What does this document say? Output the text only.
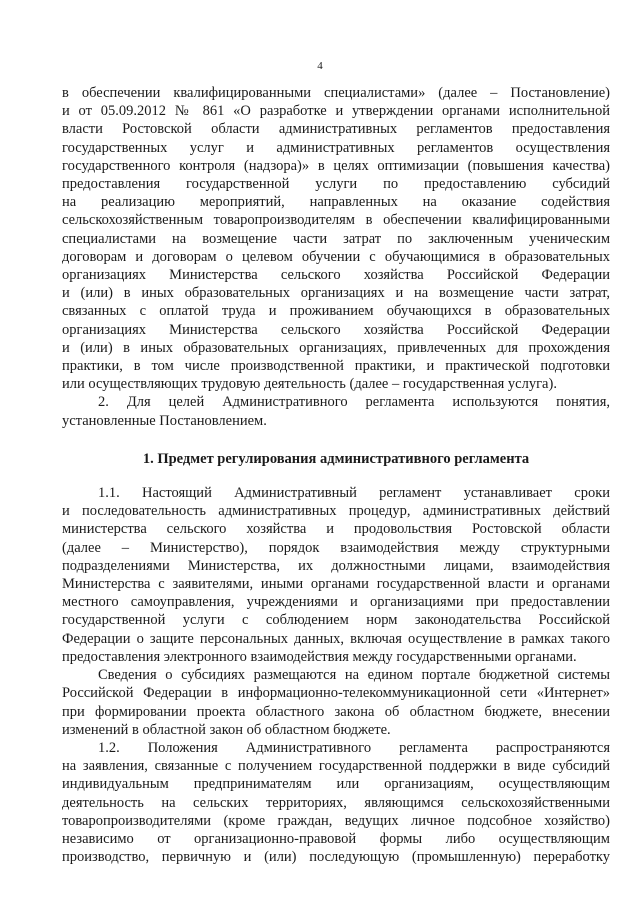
4
в обеспечении квалифицированными специалистами» (далее – Постановление)
и от 05.09.2012 № 861 «О разработке и утверждении органами исполнительной
власти Ростовской области административных регламентов предоставления
государственных услуг и административных регламентов осуществления
государственного контроля (надзора)» в целях оптимизации (повышения качества)
предоставления государственной услуги по предоставлению субсидий
на реализацию мероприятий, направленных на оказание содействия
сельскохозяйственным товаропроизводителям в обеспечении квалифицированными
специалистами на возмещение части затрат по заключенным ученическим
договорам и договорам о целевом обучении с обучающимися в образовательных
организациях Министерства сельского хозяйства Российской Федерации
и (или) в иных образовательных организациях и на возмещение части затрат,
связанных с оплатой труда и проживанием обучающихся в образовательных
организациях Министерства сельского хозяйства Российской Федерации
и (или) в иных образовательных организациях, привлеченных для прохождения
практики, в том числе производственной практики, и практической подготовки
или осуществляющих трудовую деятельность (далее – государственная услуга).
2. Для целей Административного регламента используются понятия,
установленные Постановлением.
1. Предмет регулирования административного регламента
1.1. Настоящий Административный регламент устанавливает сроки
и последовательность административных процедур, административных действий
министерства сельского хозяйства и продовольствия Ростовской области
(далее – Министерство), порядок взаимодействия между структурными
подразделениями Министерства, их должностными лицами, взаимодействия
Министерства с заявителями, иными органами государственной власти и органами
местного самоуправления, учреждениями и организациями при предоставлении
государственной услуги с соблюдением норм законодательства Российской
Федерации о защите персональных данных, включая осуществление в рамках такого
предоставления электронного взаимодействия между государственными органами.
Сведения о субсидиях размещаются на едином портале бюджетной системы
Российской Федерации в информационно-телекоммуникационной сети «Интернет»
при формировании проекта областного закона об областном бюджете, внесении
изменений в областной закон об областном бюджете.
1.2. Положения Административного регламента распространяются
на заявления, связанные с получением государственной поддержки в виде субсидий
индивидуальным предпринимателям или организациям, осуществляющим
деятельность на сельских территориях, являющимся сельскохозяйственными
товаропроизводителями (кроме граждан, ведущих личное подсобное хозяйство)
независимо от организационно-правовой формы либо осуществляющим
производство, первичную и (или) последующую (промышленную) переработку
